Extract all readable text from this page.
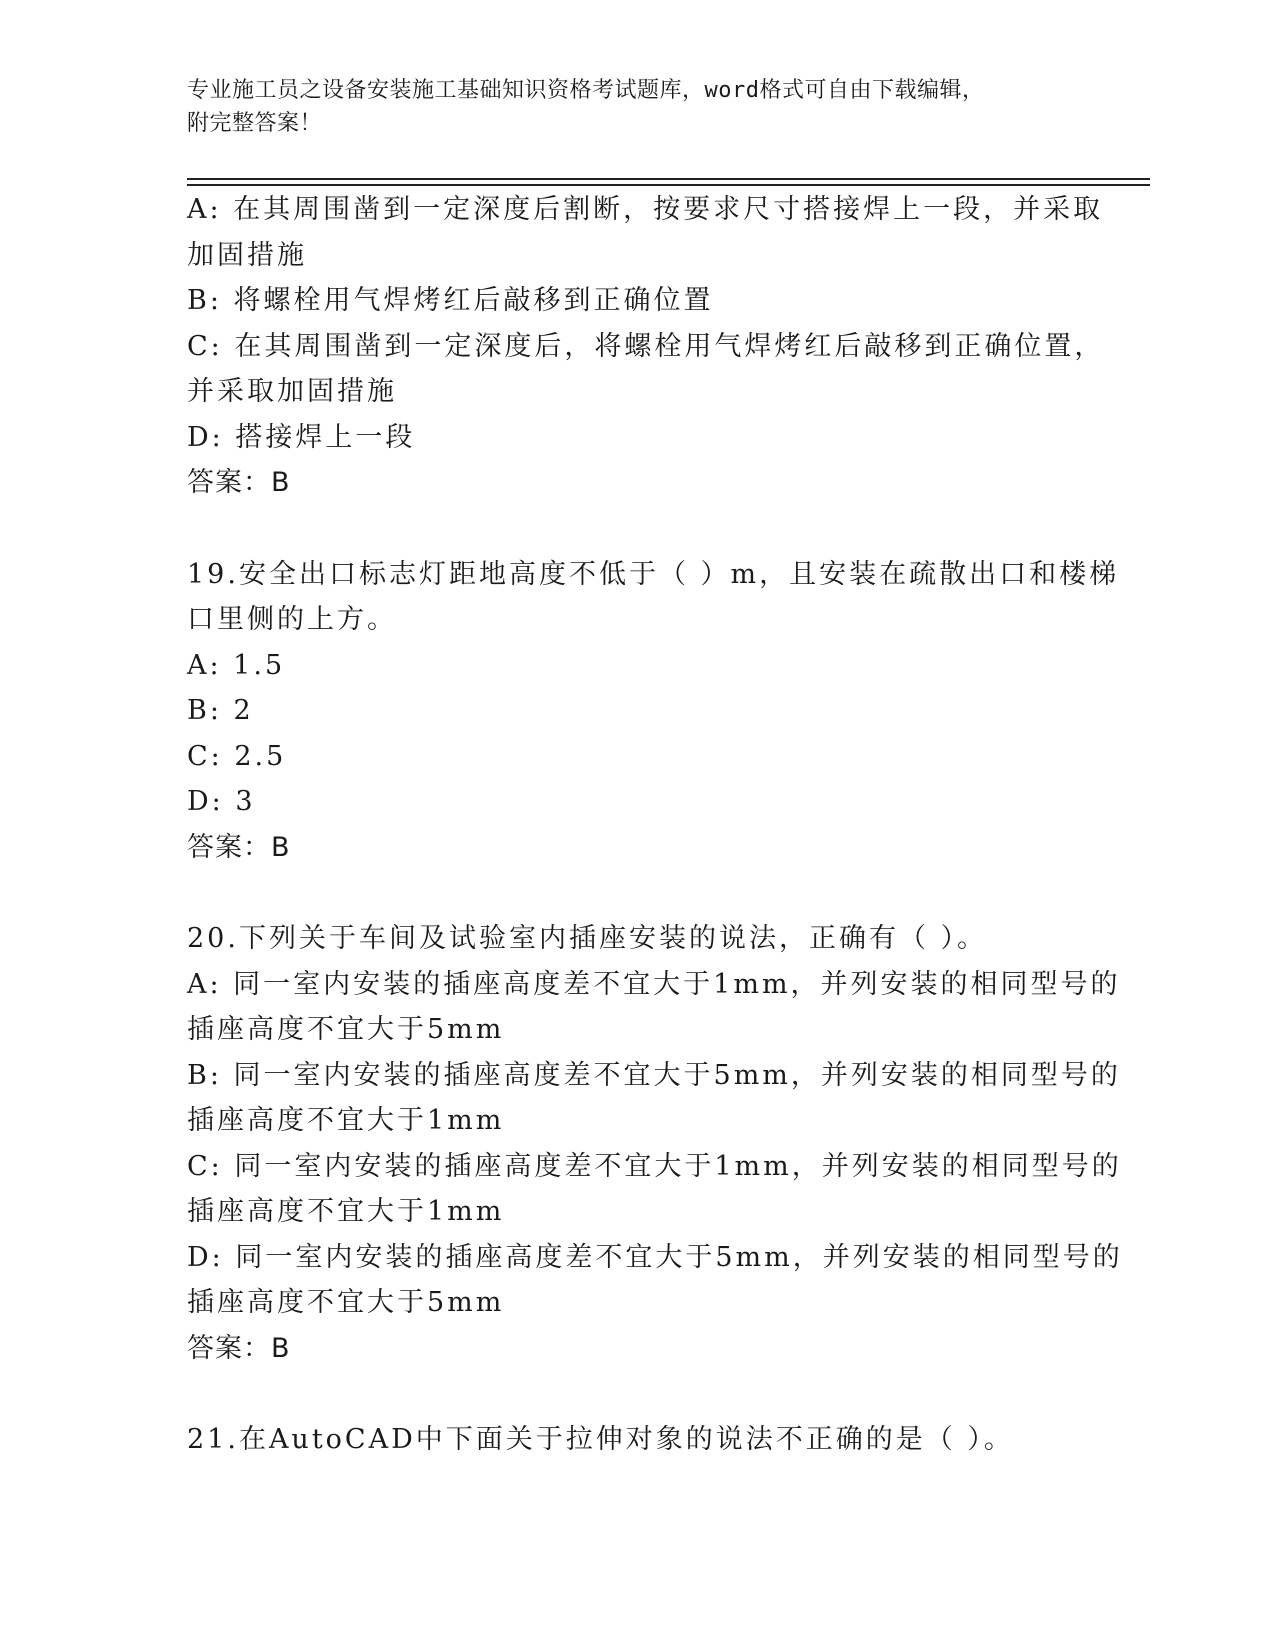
专业施工员之设备安装施工基础知识资格考试题库，word格式可自由下载编辑，
附完整答案！
A: 在其周围凿到一定深度后割断，按要求尺寸搭接焊上一段，并采取
加固措施
B: 将螺栓用气焊烤红后敲移到正确位置
C: 在其周围凿到一定深度后，将螺栓用气焊烤红后敲移到正确位置，
并采取加固措施
D: 搭接焊上一段
答案：B
19.安全出口标志灯距地高度不低于（ ）m，且安装在疏散出口和楼梯
口里侧的上方。
A: 1.5
B: 2
C: 2.5
D: 3
答案：B
20.下列关于车间及试验室内插座安装的说法，正确有（ ）。
A: 同一室内安装的插座高度差不宜大于1mm，并列安装的相同型号的
插座高度不宜大于5mm
B: 同一室内安装的插座高度差不宜大于5mm，并列安装的相同型号的
插座高度不宜大于1mm
C: 同一室内安装的插座高度差不宜大于1mm，并列安装的相同型号的
插座高度不宜大于1mm
D: 同一室内安装的插座高度差不宜大于5mm，并列安装的相同型号的
插座高度不宜大于5mm
答案：B
21.在AutoCAD中下面关于拉伸对象的说法不正确的是（ ）。
